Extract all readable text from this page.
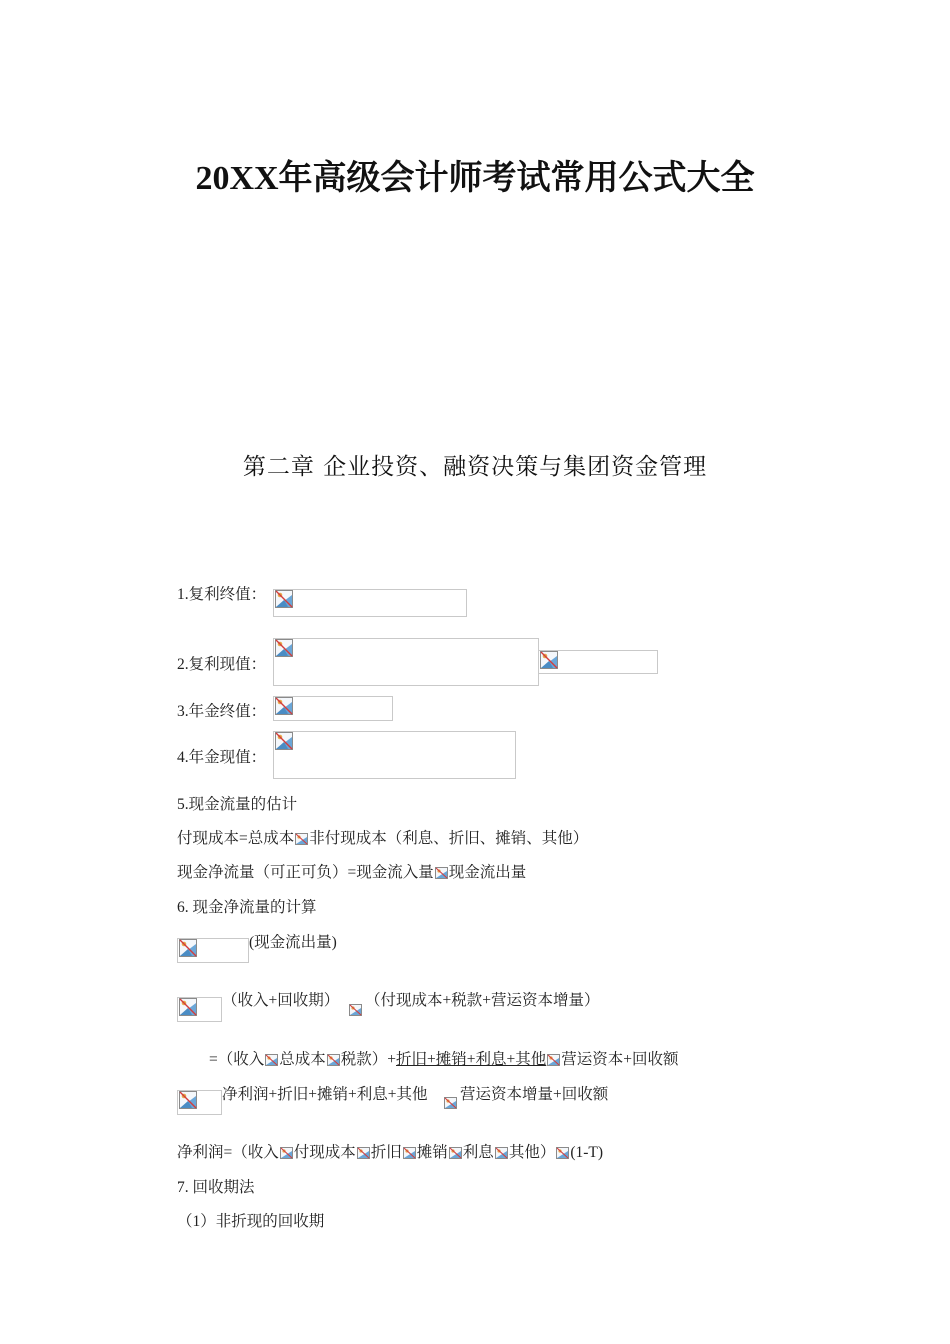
20XX年高级会计师考试常用公式大全
第二章 企业投资、融资决策与集团资金管理
1.复利终值：
2.复利现值：
3.年金终值：
4.年金现值：
5.现金流量的估计
付现成本=总成本 非付现成本（利息、折旧、摊销、其他）
现金净流量（可正可负）=现金流入量 现金流出量
6. 现金净流量的计算
(现金流出量)
（收入+回收期） （付现成本+税款+营运资本增量）
=（收入 总成本 税款）+折旧+摊销+利息+其他 营运资本+回收额
净利润+折旧+摊销+利息+其他 营运资本增量+回收额
净利润=（收入 付现成本 折旧 摊销 利息 其他） (1-T)
7. 回收期法
（1）非折现的回收期
